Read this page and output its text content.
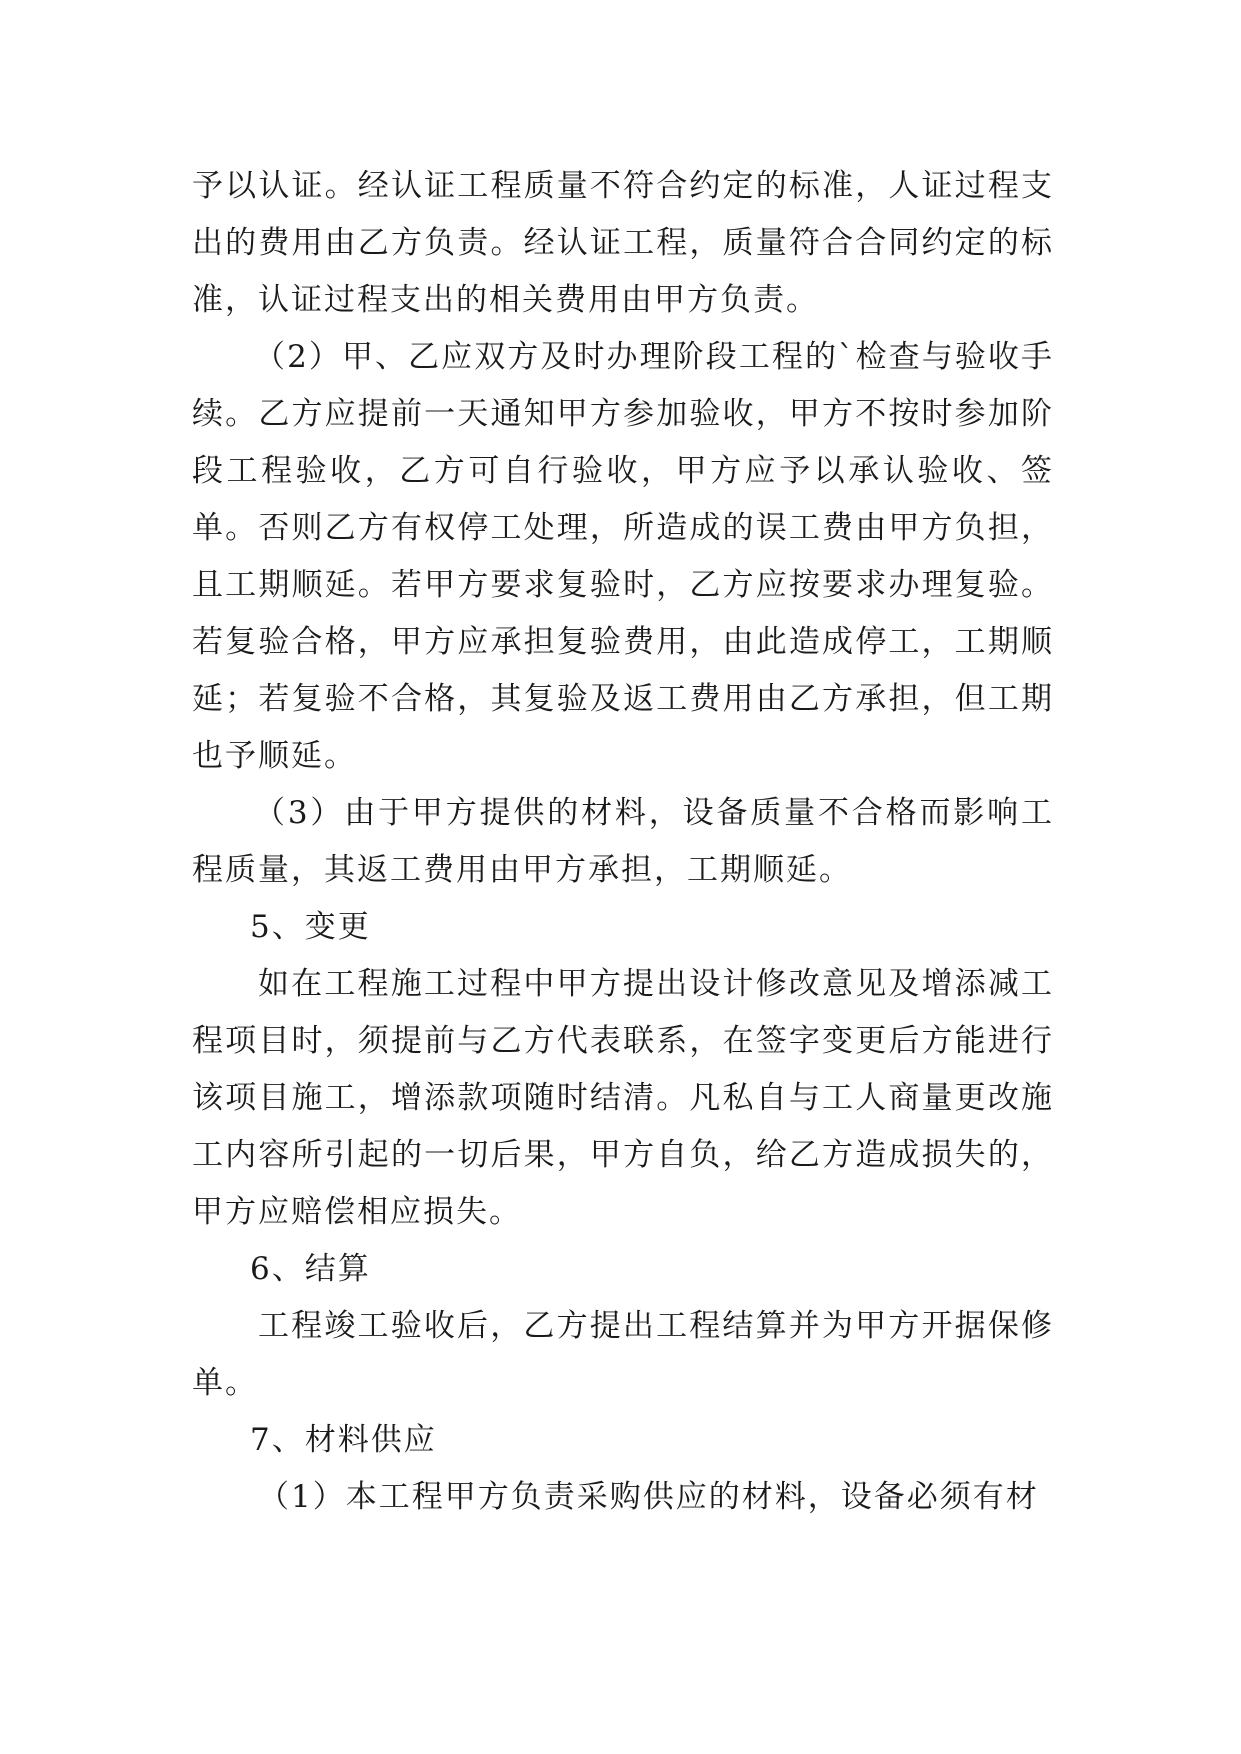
予以认证。经认证工程质量不符合约定的标准，人证过程支出的费用由乙方负责。经认证工程，质量符合合同约定的标准，认证过程支出的相关费用由甲方负责。

（2）甲、乙应双方及时办理阶段工程的`检查与验收手续。乙方应提前一天通知甲方参加验收，甲方不按时参加阶段工程验收，乙方可自行验收，甲方应予以承认验收、签单。否则乙方有权停工处理，所造成的误工费由甲方负担，且工期顺延。若甲方要求复验时，乙方应按要求办理复验。若复验合格，甲方应承担复验费用，由此造成停工，工期顺延；若复验不合格，其复验及返工费用由乙方承担，但工期也予顺延。

（3）由于甲方提供的材料，设备质量不合格而影响工程质量，其返工费用由甲方承担，工期顺延。

5、变更

如在工程施工过程中甲方提出设计修改意见及增添减工程项目时，须提前与乙方代表联系，在签字变更后方能进行该项目施工，增添款项随时结清。凡私自与工人商量更改施工内容所引起的一切后果，甲方自负，给乙方造成损失的，甲方应赔偿相应损失。

6、结算

工程竣工验收后，乙方提出工程结算并为甲方开据保修单。

7、材料供应

（1）本工程甲方负责采购供应的材料，设备必须有材
